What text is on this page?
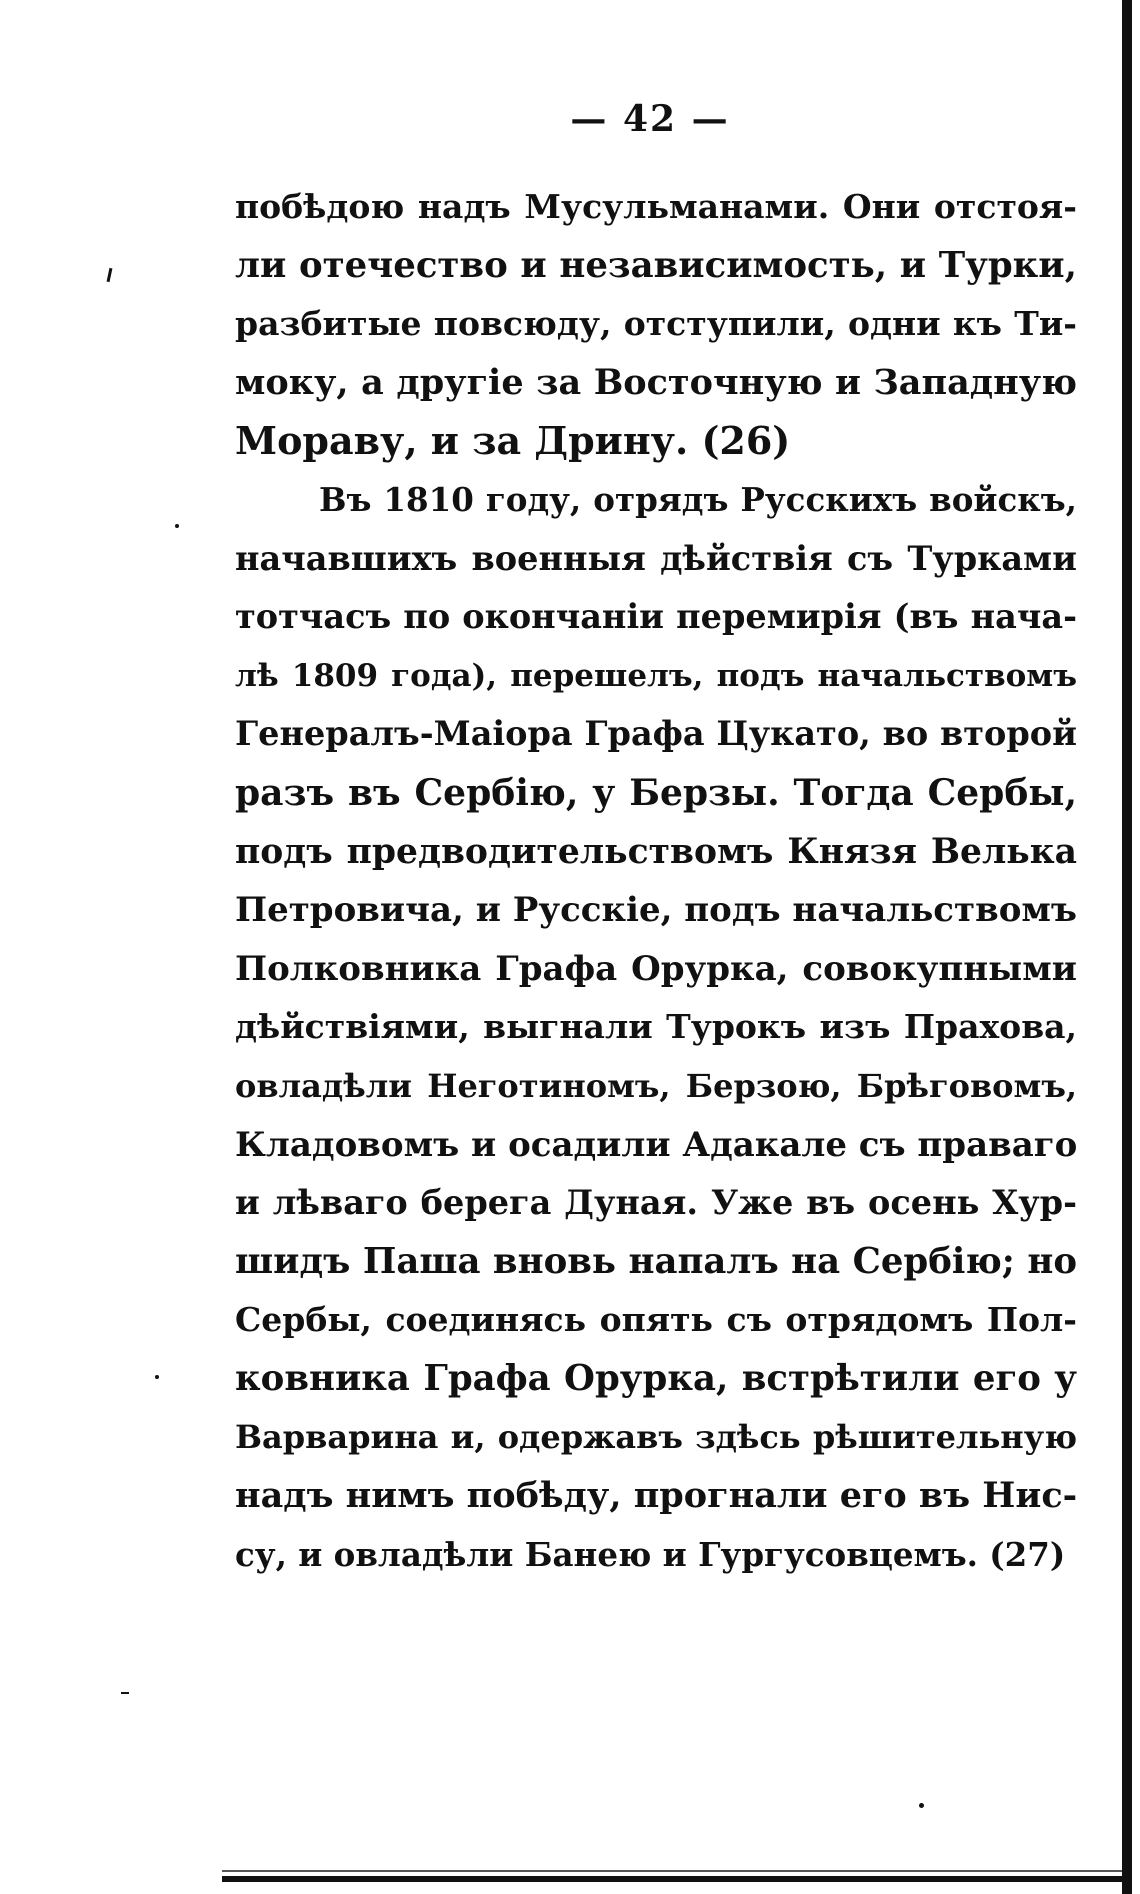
— 42 —
побѣдою надъ Мусульманами. Они отстоя-
ли отечество и независимость, и Турки,
разбитые повсюду, отступили, одни къ Ти-
моку, а другіе за Восточную и Западную
Мораву, и за Дрину. (26)
Въ 1810 году, отрядъ Русскихъ войскъ,
начавшихъ военныя дѣйствія съ Турками
тотчасъ по окончаніи перемирія (въ нача-
лѣ 1809 года), перешелъ, подъ начальствомъ
Генералъ-Маіора Графа Цукато, во второй
разъ въ Сербію, у Берзы. Тогда Сербы,
подъ предводительствомъ Князя Велька
Петровича, и Русскіе, подъ начальствомъ
Полковника Графа Орурка, совокупными
дѣйствіями, выгнали Турокъ изъ Прахова,
овладѣли Неготиномъ, Берзою, Брѣговомъ,
Кладовомъ и осадили Адакале съ праваго
и лѣваго берега Дуная. Уже въ осень Хур-
шидъ Паша вновь напалъ на Сербію; но
Сербы, соединясь опять съ отрядомъ Пол-
ковника Графа Орурка, встрѣтили его у
Варварина и, одержавъ здѣсь рѣшительную
надъ нимъ побѣду, прогнали его въ Нис-
су, и овладѣли Банею и Гургусовцемъ. (27)
